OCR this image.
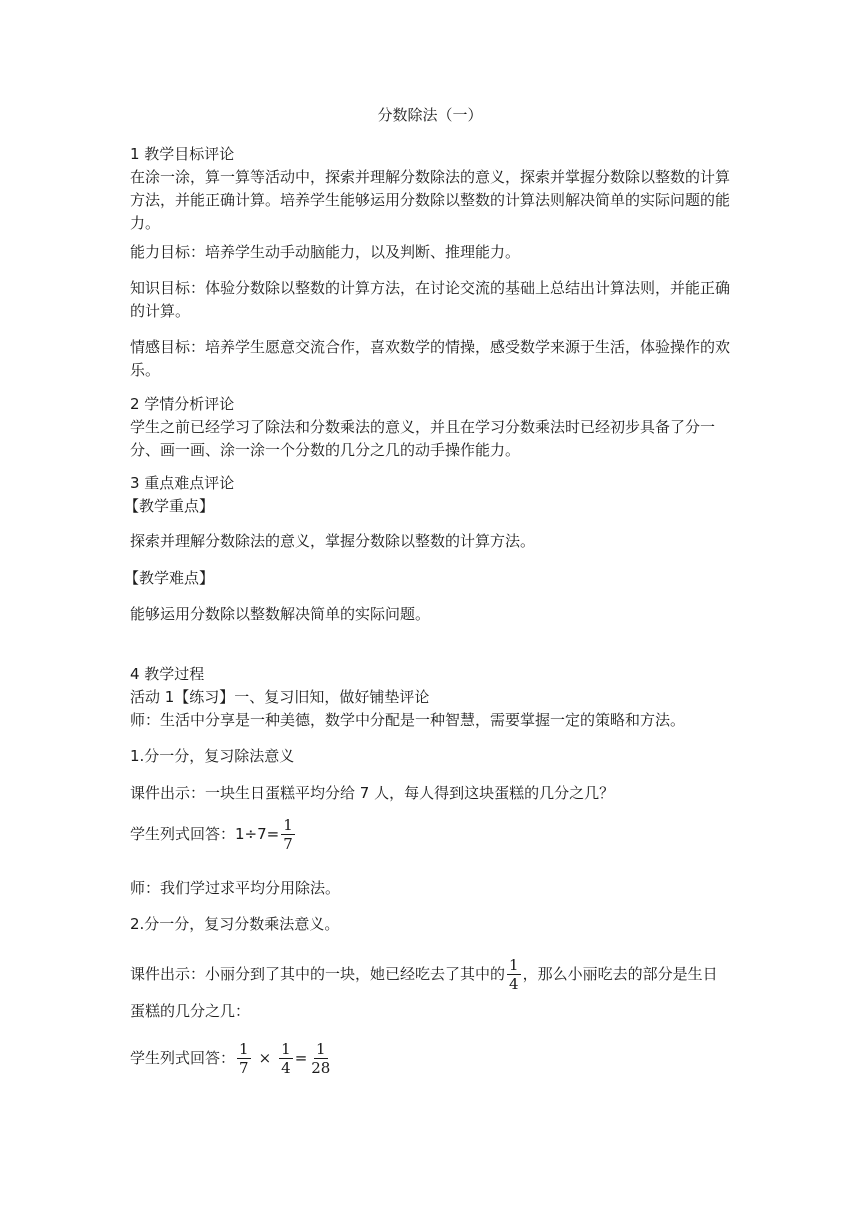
分数除法（一）
1 教学目标评论
在涂一涂，算一算等活动中，探索并理解分数除法的意义，探索并掌握分数除以整数的计算方法，并能正确计算。培养学生能够运用分数除以整数的计算法则解决简单的实际问题的能力。
能力目标：培养学生动手动脑能力，以及判断、推理能力。
知识目标：体验分数除以整数的计算方法，在讨论交流的基础上总结出计算法则，并能正确的计算。
情感目标：培养学生愿意交流合作，喜欢数学的情操，感受数学来源于生活，体验操作的欢乐。
2 学情分析评论
学生之前已经学习了除法和分数乘法的意义，并且在学习分数乘法时已经初步具备了分一分、画一画、涂一涂一个分数的几分之几的动手操作能力。
3 重点难点评论
【教学重点】
探索并理解分数除法的意义，掌握分数除以整数的计算方法。
【教学难点】
能够运用分数除以整数解决简单的实际问题。
4 教学过程
活动 1【练习】一、复习旧知，做好铺垫评论
师：生活中分享是一种美德，数学中分配是一种智慧，需要掌握一定的策略和方法。
1.分一分，复习除法意义
课件出示：一块生日蛋糕平均分给 7 人，每人得到这块蛋糕的几分之几？
学生列式回答：$1\div 7= \frac{1}{7}$
师：我们学过求平均分用除法。
2.分一分，复习分数乘法意义。
课件出示：小丽分到了其中的一块，她已经吃去了其中的 $\frac{1}{4}$ ，那么小丽吃去的部分是生日
蛋糕的几分之几：
学生列式回答： $\frac{1}{7} \times \frac{1}{4} = \frac{1}{28}$
